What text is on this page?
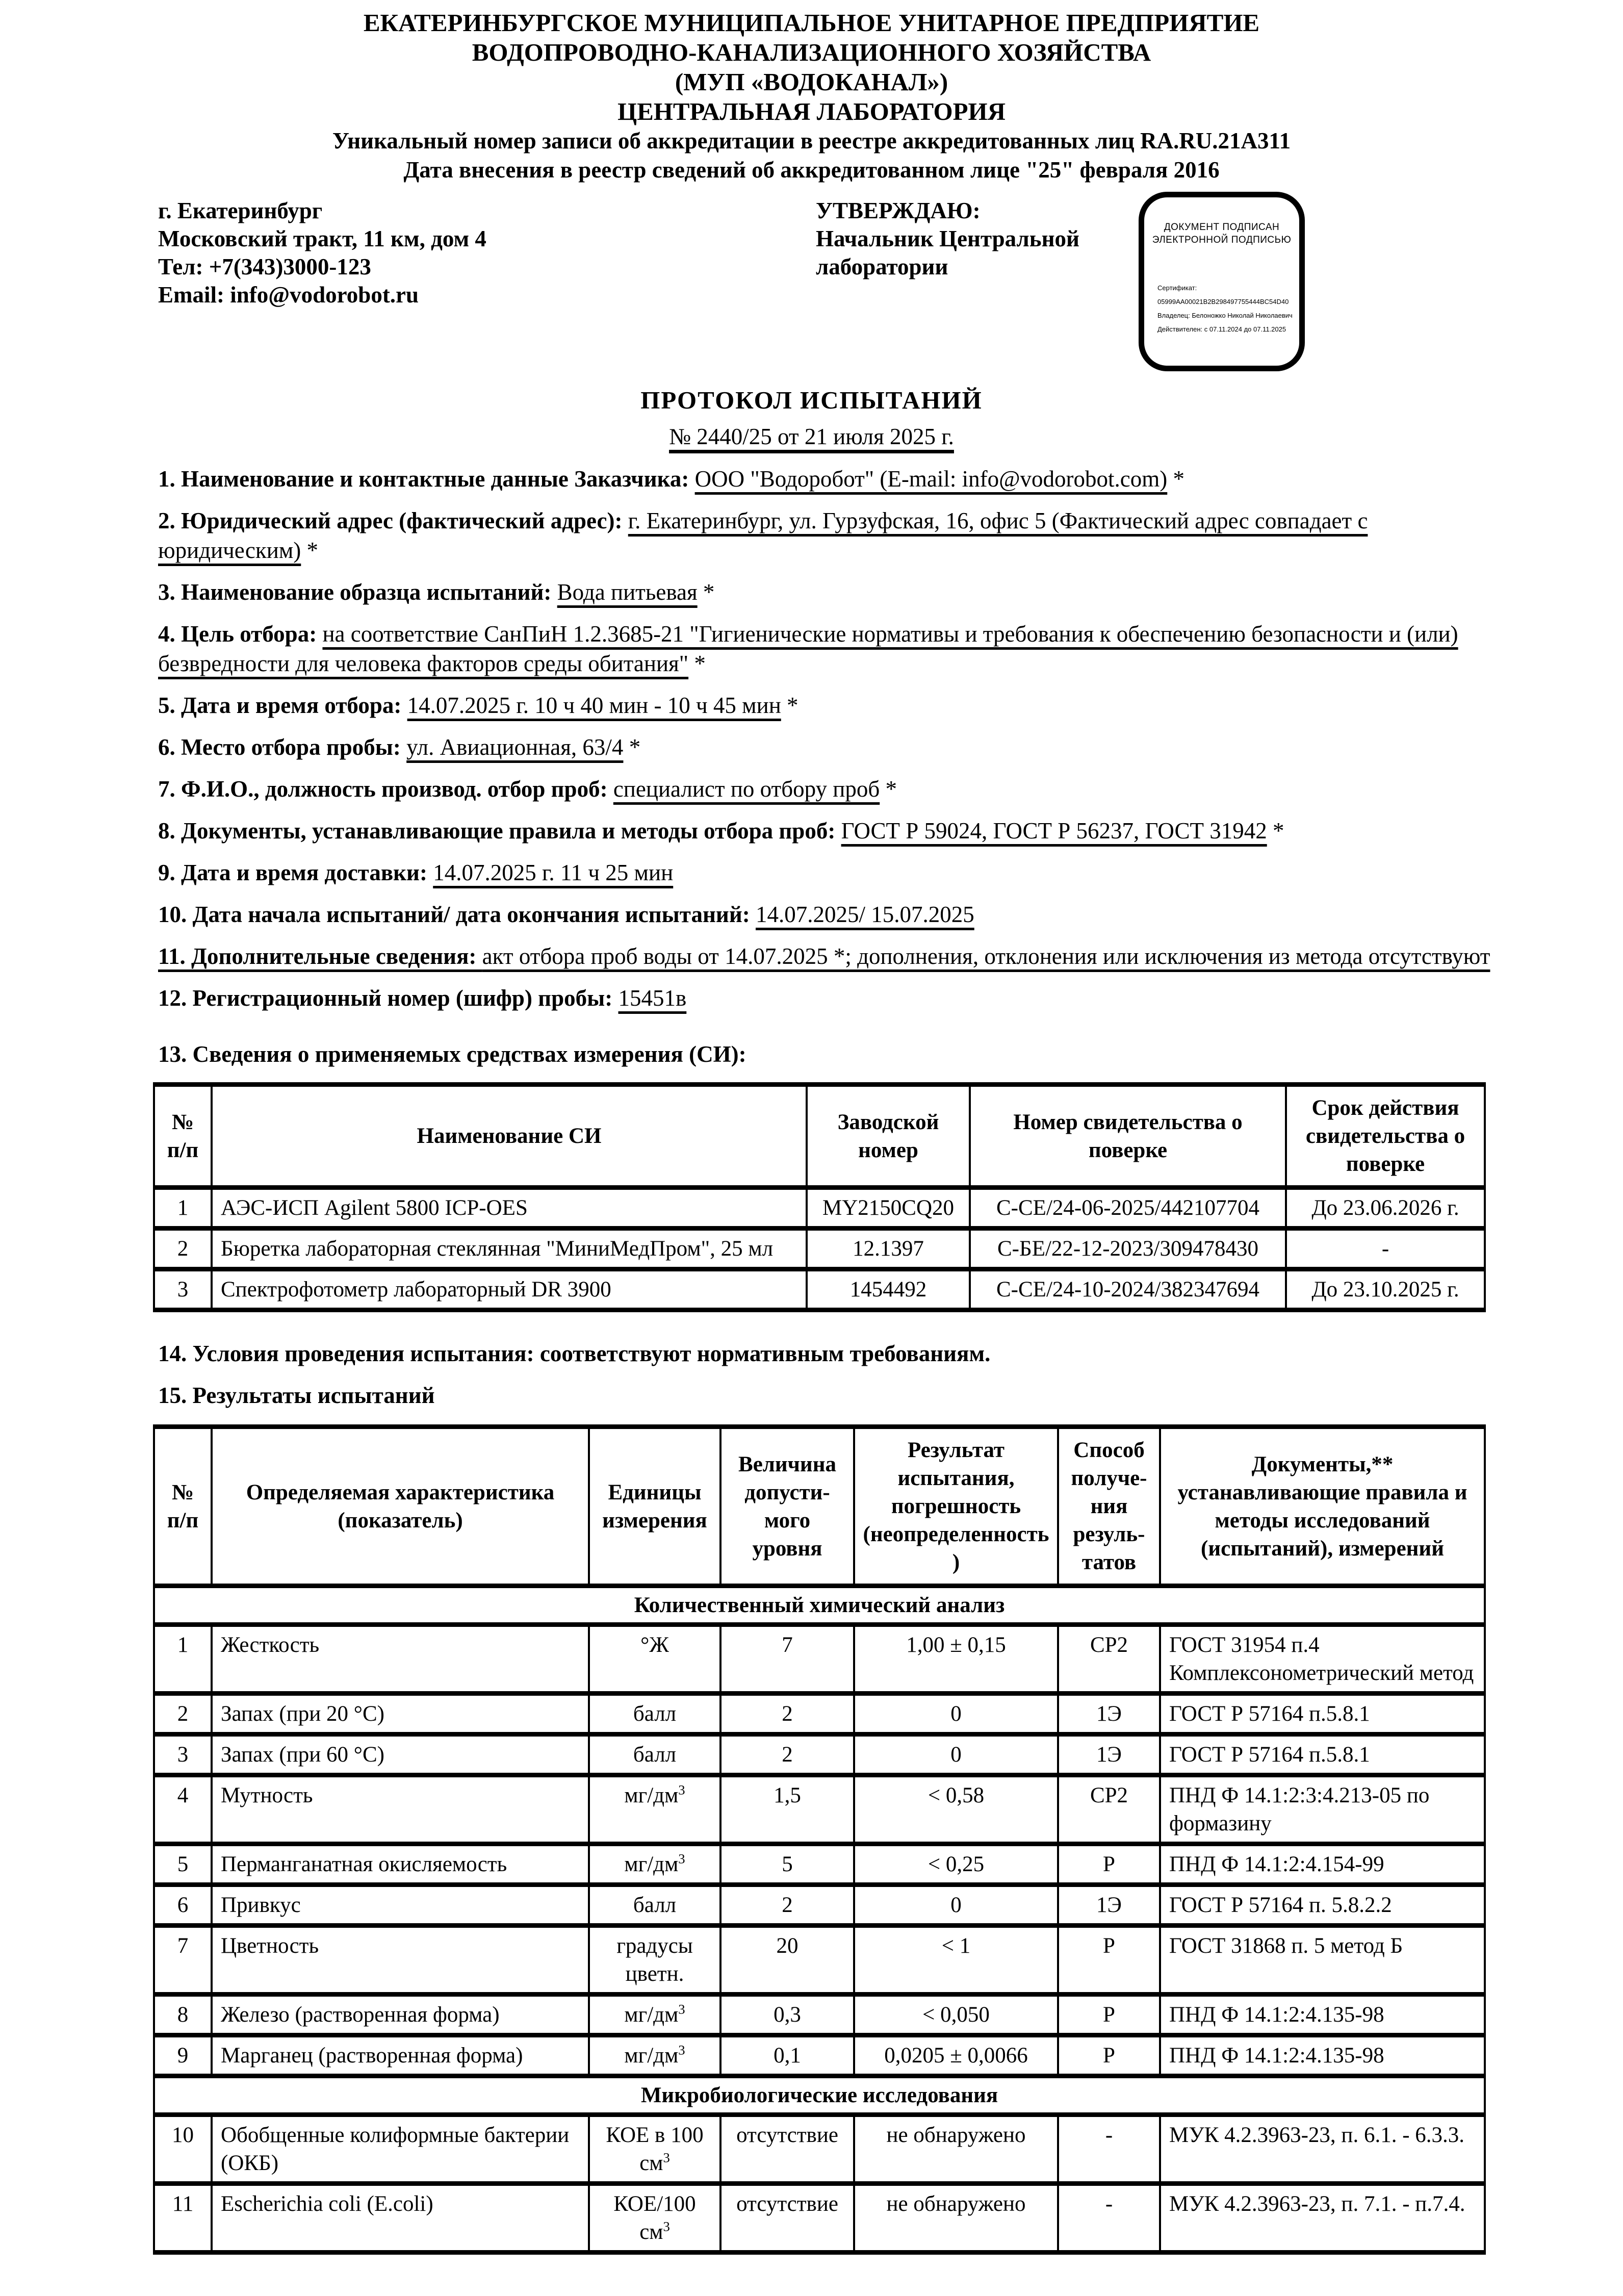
ЕКАТЕРИНБУРГСКОЕ МУНИЦИПАЛЬНОЕ УНИТАРНОЕ ПРЕДПРИЯТИЕ
ВОДОПРОВОДНО-КАНАЛИЗАЦИОННОГО ХОЗЯЙСТВА
(МУП «ВОДОКАНАЛ»)
ЦЕНТРАЛЬНАЯ ЛАБОРАТОРИЯ
Уникальный номер записи об аккредитации в реестре аккредитованных лиц RA.RU.21A311
Дата внесения в реестр сведений об аккредитованном лице "25" февраля 2016
г. Екатеринбург
Московский тракт, 11 км, дом 4
Тел: +7(343)3000-123
Email: info@vodorobot.ru
УТВЕРЖДАЮ:
Начальник Центральной лаборатории
ДОКУМЕНТ ПОДПИСАН
ЭЛЕКТРОННОЙ ПОДПИСЬЮ
Сертификат: 05999AA00021B2B298497755444BC54D40
Владелец: Белоножко Николай Николаевич
Действителен: с 07.11.2024 до 07.11.2025
ПРОТОКОЛ ИСПЫТАНИЙ
№ 2440/25 от 21 июля 2025 г.
1. Наименование и контактные данные Заказчика: ООО "Водоробот" (E-mail: info@vodorobot.com) *
2. Юридический адрес (фактический адрес): г. Екатеринбург, ул. Гурзуфская, 16, офис 5 (Фактический адрес совпадает с юридическим) *
3. Наименование образца испытаний: Вода питьевая *
4. Цель отбора: на соответствие СанПиН 1.2.3685-21 "Гигиенические нормативы и требования к обеспечению безопасности и (или) безвредности для человека факторов среды обитания" *
5. Дата и время отбора: 14.07.2025 г. 10 ч 40 мин - 10 ч 45 мин *
6. Место отбора пробы: ул. Авиационная, 63/4 *
7. Ф.И.О., должность производ. отбор проб: специалист по отбору проб *
8. Документы, устанавливающие правила и методы отбора проб: ГОСТ Р 59024, ГОСТ Р 56237, ГОСТ 31942 *
9. Дата и время доставки: 14.07.2025 г. 11 ч 25 мин
10. Дата начала испытаний/ дата окончания испытаний: 14.07.2025/ 15.07.2025
11. Дополнительные сведения: акт отбора проб воды от 14.07.2025 *; дополнения, отклонения или исключения из метода отсутствуют
12. Регистрационный номер (шифр) пробы: 15451в
13. Сведения о применяемых средствах измерения (СИ):
№ п/п	Наименование СИ	Заводской номер	Номер свидетельства о поверке	Срок действия свидетельства о поверке
1	АЭС-ИСП Agilent 5800 ICP-OES	MY2150CQ20	С-СЕ/24-06-2025/442107704	До 23.06.2026 г.
2	Бюретка лабораторная стеклянная "МиниМедПром", 25 мл	12.1397	С-БЕ/22-12-2023/309478430	-
3	Спектрофотометр лабораторный DR 3900	1454492	С-СЕ/24-10-2024/382347694	До 23.10.2025 г.
14. Условия проведения испытания: соответствуют нормативным требованиям.
15. Результаты испытаний
№ п/п	Определяемая характеристика (показатель)	Единицы измерения	Величина допусти- мого уровня	Результат испытания, погрешность (неопределенность)	Способ получе- ния резуль- татов	Документы,** устанавливающие правила и методы исследований (испытаний), измерений
Количественный химический анализ						
1	Жесткость	°Ж	7	1,00 ± 0,15	СР2	ГОСТ 31954 п.4 Комплексонометрический метод
2	Запах (при 20 °С)	балл	2	0	1Э	ГОСТ Р 57164 п.5.8.1
3	Запах (при 60 °С)	балл	2	0	1Э	ГОСТ Р 57164 п.5.8.1
4	Мутность	$мг/дм^3$	1,5	< 0,58	СР2	ПНД Ф 14.1:2:3:4.213-05 по формазину
5	Перманганатная окисляемость	$мг/дм^3$	5	< 0,25	Р	ПНД Ф 14.1:2:4.154-99
6	Привкус	балл	2	0	1Э	ГОСТ Р 57164 п. 5.8.2.2
7	Цветность	градусы цветн.	20	< 1	Р	ГОСТ 31868 п. 5 метод Б
8	Железо (растворенная форма)	$мг/дм^3$	0,3	< 0,050	Р	ПНД Ф 14.1:2:4.135-98
9	Марганец (растворенная форма)	$мг/дм^3$	0,1	0,0205 ± 0,0066	Р	ПНД Ф 14.1:2:4.135-98
Микробиологические исследования						
10	Обобщенные колиформные бактерии (ОКБ)	КОЕ в 100 $см^3$	отсутствие	не обнаружено	-	МУК 4.2.3963-23, п. 6.1. - 6.3.3.
11	Escherichia coli (E.coli)	КОЕ/100 $см^3$	отсутствие	не обнаружено	-	МУК 4.2.3963-23, п. 7.1. - п.7.4.
